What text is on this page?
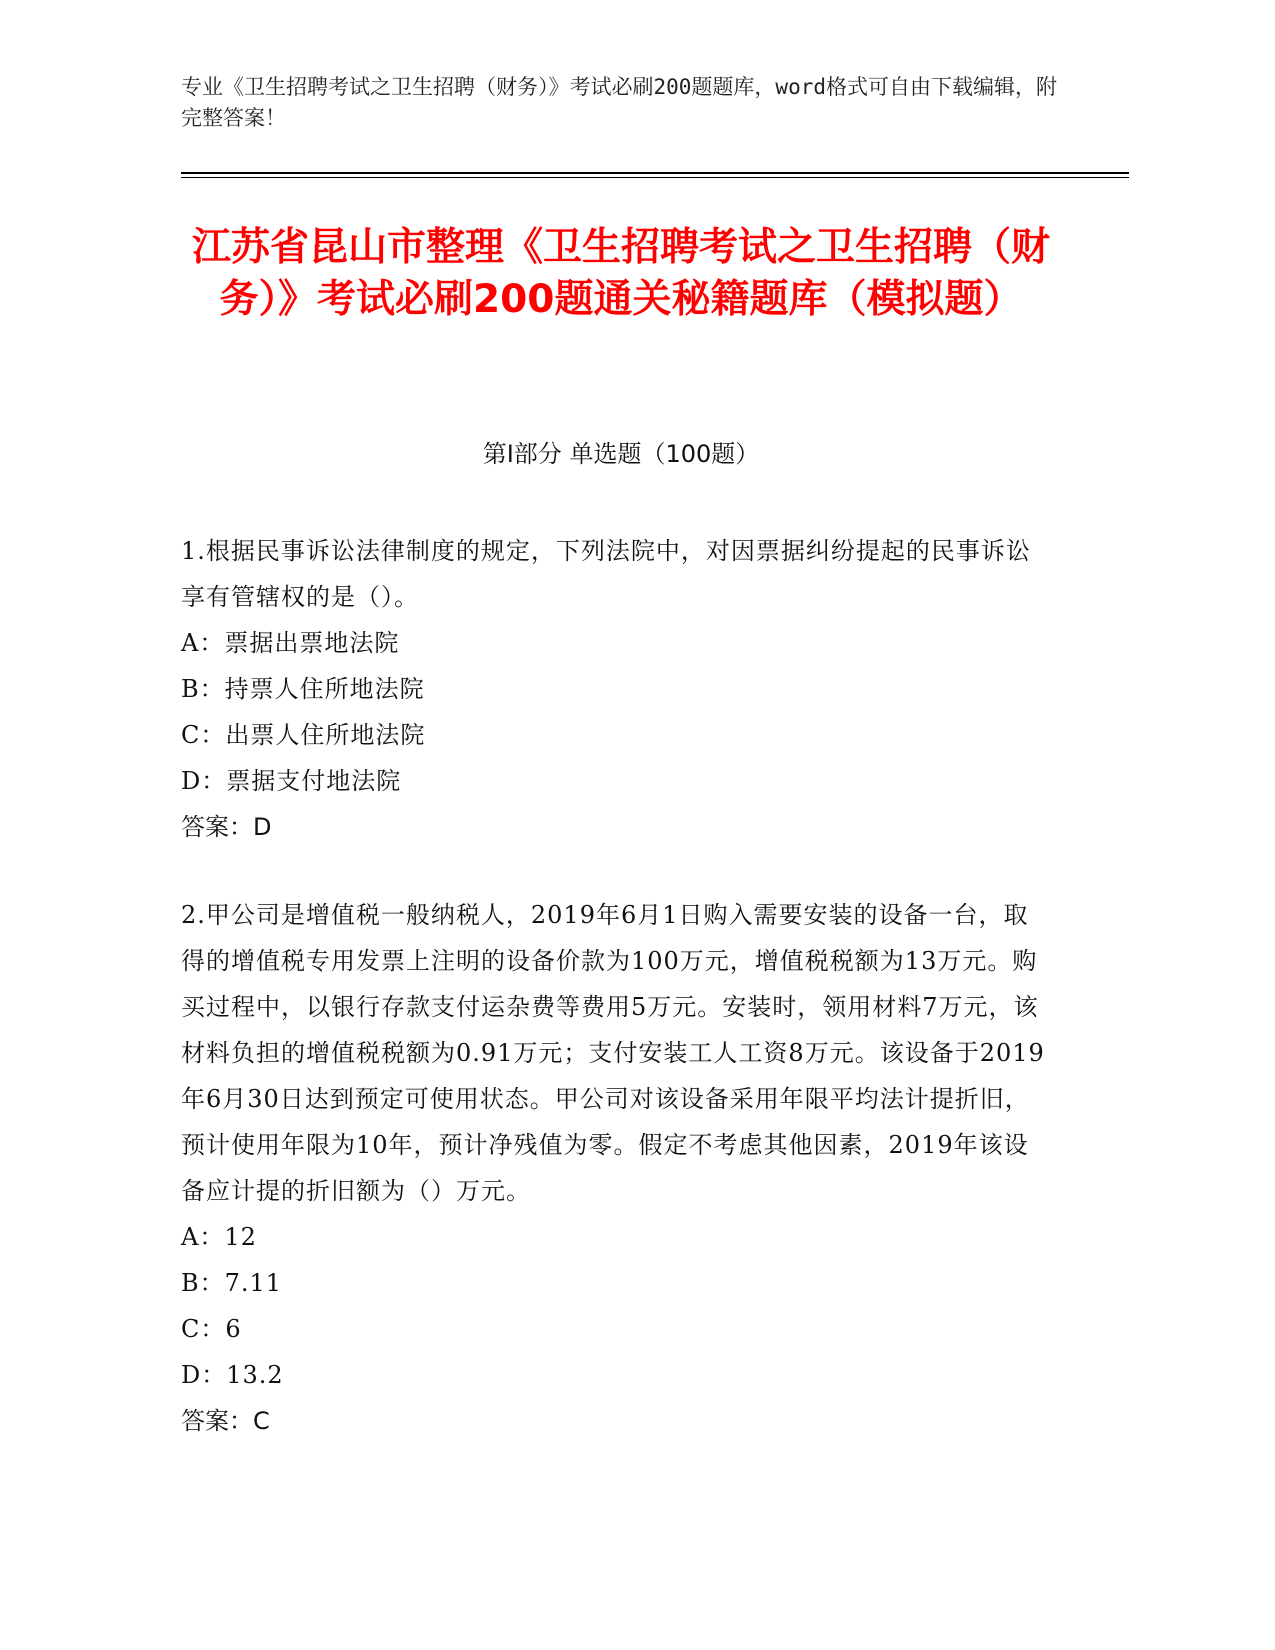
专业《卫生招聘考试之卫生招聘（财务）》考试必刷200题题库，word格式可自由下载编辑，附完整答案！
江苏省昆山市整理《卫生招聘考试之卫生招聘（财务）》考试必刷200题通关秘籍题库（模拟题）
第I部分 单选题（100题）
1.根据民事诉讼法律制度的规定，下列法院中，对因票据纠纷提起的民事诉讼享有管辖权的是（）。
A：票据出票地法院
B：持票人住所地法院
C：出票人住所地法院
D：票据支付地法院
答案：D
2.甲公司是增值税一般纳税人，2019年6月1日购入需要安装的设备一台，取得的增值税专用发票上注明的设备价款为100万元，增值税税额为13万元。购买过程中，以银行存款支付运杂费等费用5万元。安装时，领用材料7万元，该材料负担的增值税税额为0.91万元；支付安装工人工资8万元。该设备于2019年6月30日达到预定可使用状态。甲公司对该设备采用年限平均法计提折旧，预计使用年限为10年，预计净残值为零。假定不考虑其他因素，2019年该设备应计提的折旧额为（）万元。
A：12
B：7.11
C：6
D：13.2
答案：C
